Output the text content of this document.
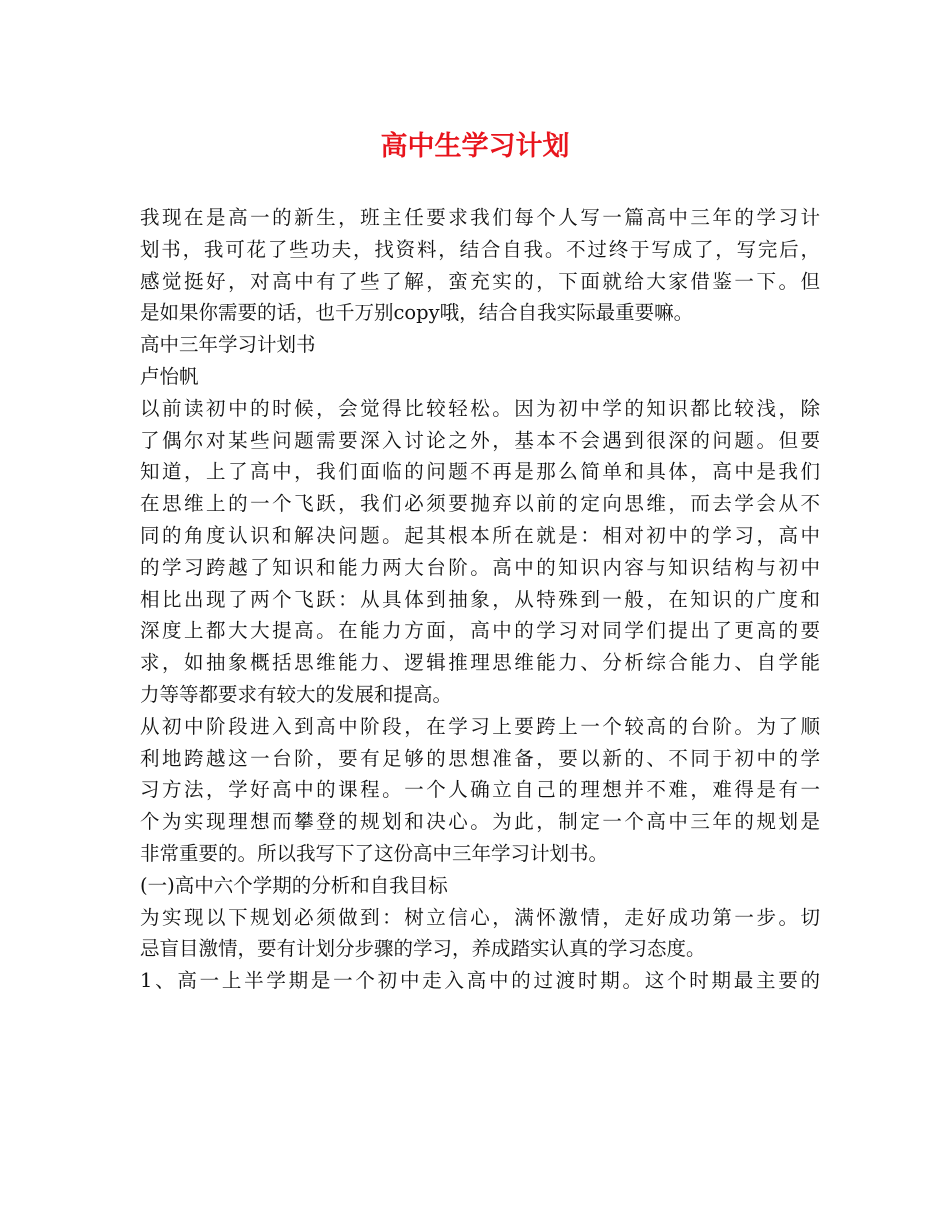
高中生学习计划
我现在是高一的新生，班主任要求我们每个人写一篇高中三年的学习计
划书，我可花了些功夫，找资料，结合自我。不过终于写成了，写完后，
感觉挺好，对高中有了些了解，蛮充实的，下面就给大家借鉴一下。但
是如果你需要的话，也千万别copy哦，结合自我实际最重要嘛。
高中三年学习计划书
卢怡帆
以前读初中的时候，会觉得比较轻松。因为初中学的知识都比较浅，除
了偶尔对某些问题需要深入讨论之外，基本不会遇到很深的问题。但要
知道，上了高中，我们面临的问题不再是那么简单和具体，高中是我们
在思维上的一个飞跃，我们必须要抛弃以前的定向思维，而去学会从不
同的角度认识和解决问题。起其根本所在就是：相对初中的学习，高中
的学习跨越了知识和能力两大台阶。高中的知识内容与知识结构与初中
相比出现了两个飞跃：从具体到抽象，从特殊到一般，在知识的广度和
深度上都大大提高。在能力方面，高中的学习对同学们提出了更高的要
求，如抽象概括思维能力、逻辑推理思维能力、分析综合能力、自学能
力等等都要求有较大的发展和提高。
从初中阶段进入到高中阶段，在学习上要跨上一个较高的台阶。为了顺
利地跨越这一台阶，要有足够的思想准备，要以新的、不同于初中的学
习方法，学好高中的课程。一个人确立自己的理想并不难，难得是有一
个为实现理想而攀登的规划和决心。为此，制定一个高中三年的规划是
非常重要的。所以我写下了这份高中三年学习计划书。
(一)高中六个学期的分析和自我目标
为实现以下规划必须做到：树立信心，满怀激情，走好成功第一步。切
忌盲目激情，要有计划分步骤的学习，养成踏实认真的学习态度。
1、高一上半学期是一个初中走入高中的过渡时期。这个时期最主要的
